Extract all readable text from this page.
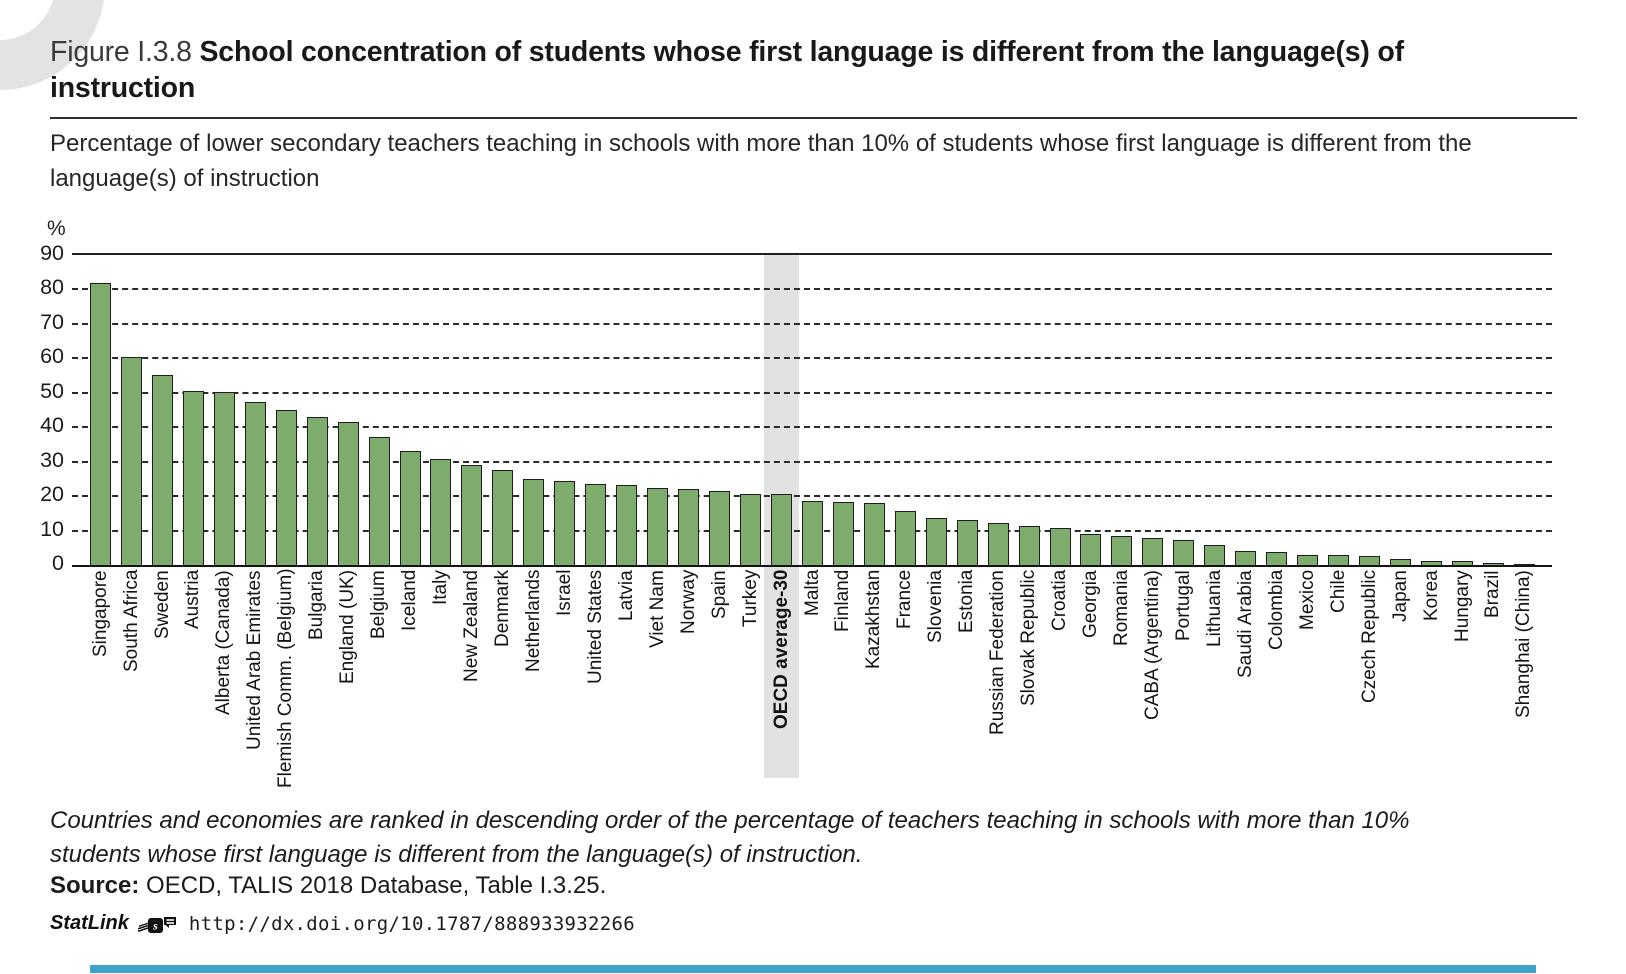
Figure I.3.8 School concentration of students whose first language is different from the language(s) of instruction

Percentage of lower secondary teachers teaching in schools with more than 10% of students whose first language is different from the language(s) of instruction

%
0
10
20
30
40
50
60
70
80
90
Singapore South Africa Sweden Austria Alberta (Canada) United Arab Emirates Flemish Comm. (Belgium) Bulgaria England (UK) Belgium Iceland Italy New Zealand Denmark Netherlands Israel United States Latvia Viet Nam Norway Spain Turkey OECD average-30 Malta Finland Kazakhstan France Slovenia Estonia Russian Federation Slovak Republic Croatia Georgia Romania CABA (Argentina) Portugal Lithuania Saudi Arabia Colombia Mexico Chile Czech Republic Japan Korea Hungary Brazil Shanghai (China)

Countries and economies are ranked in descending order of the percentage of teachers teaching in schools with more than 10% students whose first language is different from the language(s) of instruction.

Source: OECD, TALIS 2018 Database, Table I.3.25.

StatLink s http://dx.doi.org/10.1787/888933932266
